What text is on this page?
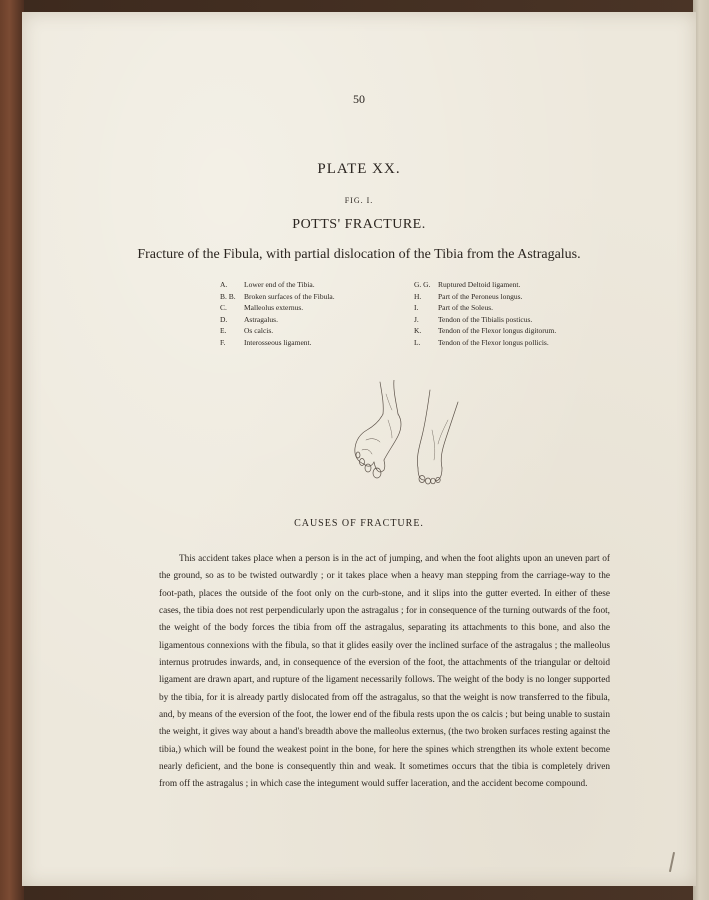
50
PLATE XX.
FIG. I.
POTTS' FRACTURE.
Fracture of the Fibula, with partial dislocation of the Tibia from the Astragalus.
A.	Lower end of the Tibia.
B. B.	Broken surfaces of the Fibula.
C.	Malleolus externus.
D.	Astragalus.
E.	Os calcis.
F.	Interosseous ligament.
G. G.	Ruptured Deltoid ligament.
H.	Part of the Peroneus longus.
I.	Part of the Soleus.
J.	Tendon of the Tibialis posticus.
K.	Tendon of the Flexor longus digitorum.
L.	Tendon of the Flexor longus pollicis.
CAUSES OF FRACTURE.

This accident takes place when a person is in the act of jumping, and when the foot alights upon an uneven part of the ground, so as to be twisted outwardly ; or it takes place when a heavy man stepping from the carriage-way to the foot-path, places the outside of the foot only on the curb-stone, and it slips into the gutter everted. In either of these cases, the tibia does not rest perpendicularly upon the astragalus ; for in consequence of the turning outwards of the foot, the weight of the body forces the tibia from off the astragalus, separating its attachments to this bone, and also the ligamentous connexions with the fibula, so that it glides easily over the inclined surface of the astragalus ; the malleolus internus protrudes inwards, and, in consequence of the eversion of the foot, the attachments of the triangular or deltoid ligament are drawn apart, and rupture of the ligament necessarily follows. The weight of the body is no longer supported by the tibia, for it is already partly dislocated from off the astragalus, so that the weight is now transferred to the fibula, and, by means of the eversion of the foot, the lower end of the fibula rests upon the os calcis ; but being unable to sustain the weight, it gives way about a hand's breadth above the malleolus externus, (the two broken surfaces resting against the tibia,) which will be found the weakest point in the bone, for here the spines which strengthen its whole extent become nearly deficient, and the bone is consequently thin and weak. It sometimes occurs that the tibia is completely driven from off the astragalus ; in which case the integument would suffer laceration, and the accident become compound.
